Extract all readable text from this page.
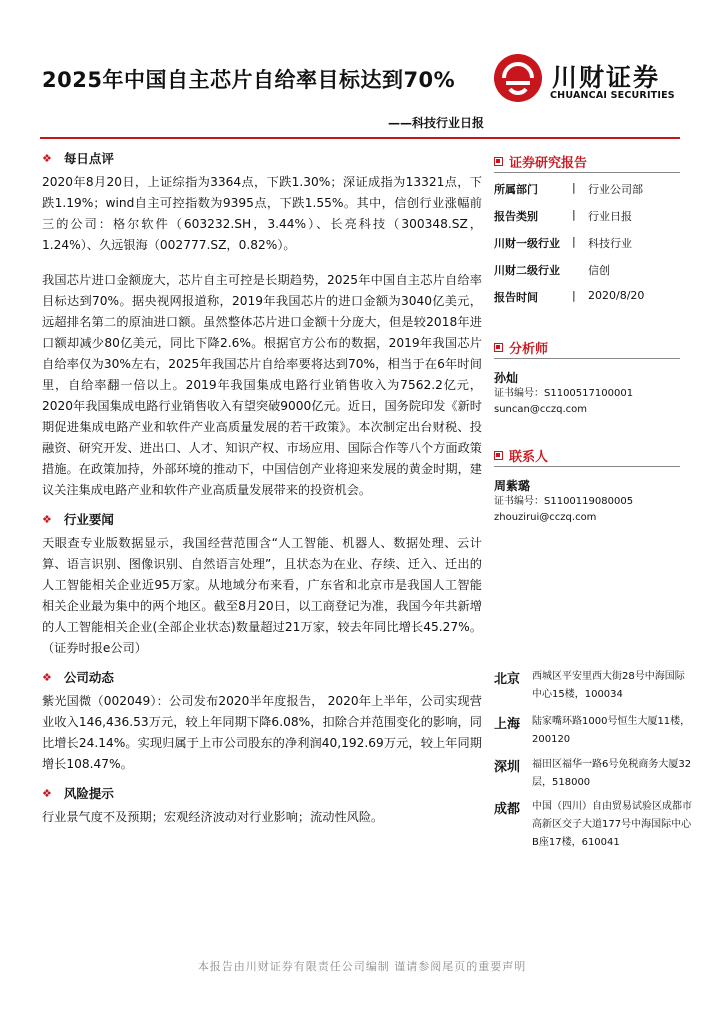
2025年中国自主芯片自给率目标达到70%
——科技行业日报
川财证券
CHUANCAI SECURITIES
❖ 每日点评

2020年8月20日，上证综指为3364点，下跌1.30%；深证成指为13321点，下跌1.19%；wind自主可控指数为9395点，下跌1.55%。其中，信创行业涨幅前三的公司：格尔软件（603232.SH，3.44%）、长亮科技（300348.SZ，1.24%）、久远银海（002777.SZ，0.82%）。

我国芯片进口金额庞大，芯片自主可控是长期趋势，2025年中国自主芯片自给率目标达到70%。据央视网报道称，2019年我国芯片的进口金额为3040亿美元，远超排名第二的原油进口额。虽然整体芯片进口金额十分庞大，但是较2018年进口额却减少80亿美元，同比下降2.6%。根据官方公布的数据，2019年我国芯片自给率仅为30%左右，2025年我国芯片自给率要将达到70%，相当于在6年时间里，自给率翻一倍以上。2019年我国集成电路行业销售收入为7562.2亿元，2020年我国集成电路行业销售收入有望突破9000亿元。近日，国务院印发《新时期促进集成电路产业和软件产业高质量发展的若干政策》。本次制定出台财税、投融资、研究开发、进出口、人才、知识产权、市场应用、国际合作等八个方面政策措施。在政策加持，外部环境的推动下，中国信创产业将迎来发展的黄金时期，建议关注集成电路产业和软件产业高质量发展带来的投资机会。

❖ 行业要闻

天眼查专业版数据显示，我国经营范围含“人工智能、机器人、数据处理、云计算、语言识别、图像识别、自然语言处理”，且状态为在业、存续、迁入、迁出的人工智能相关企业近95万家。从地域分布来看，广东省和北京市是我国人工智能相关企业最为集中的两个地区。截至8月20日，以工商登记为准，我国今年共新增的人工智能相关企业(全部企业状态)数量超过21万家，较去年同比增长45.27%。（证券时报e公司）

❖ 公司动态

紫光国微（002049）：公司发布2020半年度报告， 2020年上半年，公司实现营业收入146,436.53万元，较上年同期下降6.08%，扣除合并范围变化的影响，同比增长24.14%。实现归属于上市公司股东的净利润40,192.69万元，较上年同期增长108.47%。

❖ 风险提示

行业景气度不及预期；宏观经济波动对行业影响；流动性风险。

证券研究报告
所属部门	|	行业公司部
报告类别	|	行业日报
川财一级行业	|	科技行业
川财二级行业	信创
报告时间	|	2020/8/20
分析师
孙灿
证书编号：S1100517100001
suncan@cczq.com
联系人
周紫璐
证书编号：S1100119080005
zhouzirui@cczq.com
北京	西城区平安里西大街28号中海国际中心15楼，100034
上海	陆家嘴环路1000号恒生大厦11楼，200120
深圳	福田区福华一路6号免税商务大厦32层，518000
成都	中国（四川）自由贸易试验区成都市高新区交子大道177号中海国际中心B座17楼，610041
本报告由川财证券有限责任公司编制 谨请参阅尾页的重要声明
